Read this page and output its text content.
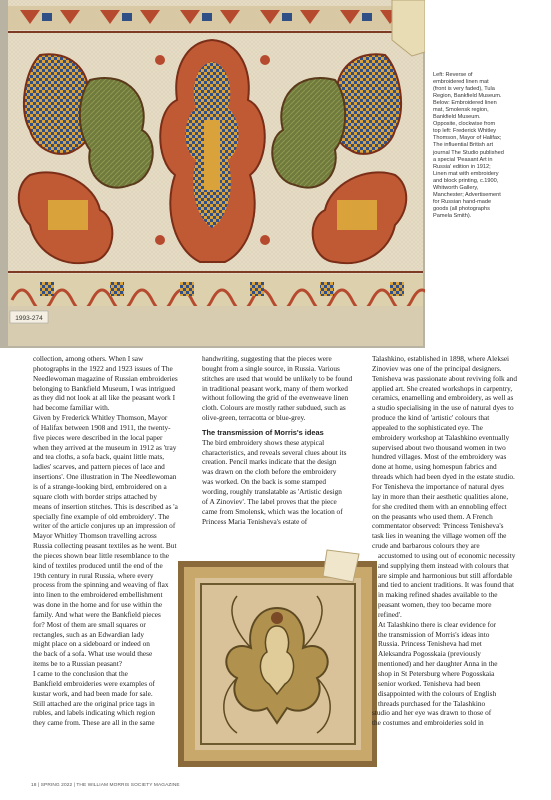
1993-274
Left: Reverse of
embroidered linen mat
(front is very faded), Tula
Region, Bankfield Museum.
Below: Embroidered linen
mat, Smolensk region,
Bankfield Museum.
Opposite, clockwise from
top left: Frederick Whitley
Thomson, Mayor of Halifax;
The influential British art
journal The Studio published
a special 'Peasant Art in
Russia' edition in 1912;
Linen mat with embroidery
and block printing, c.1900,
Whitworth Gallery,
Manchester; Advertisement
for Russian hand-made
goods (all photographs
Pamela Smith).
collection, among others. When I saw
photographs in the 1922 and 1923 issues of The
Needlewoman magazine of Russian embroideries
belonging to Bankfield Museum, I was intrigued
as they did not look at all like the peasant work I
had become familiar with.
Given by Frederick Whitley Thomson, Mayor
of Halifax between 1908 and 1911, the twenty-
five pieces were described in the local paper
when they arrived at the museum in 1912 as 'tray
and tea cloths, a sofa back, quaint little mats,
ladies' scarves, and pattern pieces of lace and
insertions'. One illustration in The Needlewoman
is of a strange-looking bird, embroidered on a
square cloth with border strips attached by
means of insertion stitches. This is described as 'a
specially fine example of old embroidery'. The
writer of the article conjures up an impression of
Mayor Whitley Thomson travelling across
Russia collecting peasant textiles as he went. But
the pieces shown bear little resemblance to the
kind of textiles produced until the end of the
19th century in rural Russia, where every
process from the spinning and weaving of flax
into linen to the embroidered embellishment
was done in the home and for use within the
family. And what were the Bankfield pieces
for? Most of them are small squares or
rectangles, such as an Edwardian lady
might place on a sideboard or indeed on
the back of a sofa. What use would these
items be to a Russian peasant?
I came to the conclusion that the
Bankfield embroideries were examples of
kustar work, and had been made for sale.
Still attached are the original price tags in
rubles, and labels indicating which region
they came from. These are all in the same
handwriting, suggesting that the pieces were
bought from a single source, in Russia. Various
stitches are used that would be unlikely to be found
in traditional peasant work, many of them worked
without following the grid of the evenweave linen
cloth. Colours are mostly rather subdued, such as
olive-green, terracotta or blue-grey.
The transmission of Morris's ideas
The bird embroidery shows these atypical
characteristics, and reveals several clues about its
creation. Pencil marks indicate that the design
was drawn on the cloth before the embroidery
was worked. On the back is some stamped
wording, roughly translatable as 'Artistic design
of A Zinoviev'. The label proves that the piece
came from Smolensk, which was the location of
Princess Maria Tenisheva's estate of
Talashkino, established in 1898, where Aleksei
Zinoviev was one of the principal designers.
Tenisheva was passionate about reviving folk and
applied art. She created workshops in carpentry,
ceramics, enamelling and embroidery, as well as
a studio specialising in the use of natural dyes to
produce the kind of 'artistic' colours that
appealed to the sophisticated eye. The
embroidery workshop at Talashkino eventually
supervised about two thousand women in two
hundred villages. Most of the embroidery was
done at home, using homespun fabrics and
threads which had been dyed in the estate studio.
For Tenisheva the importance of natural dyes
lay in more than their aesthetic qualities alone,
for she credited them with an ennobling effect
on the peasants who used them. A French
commentator observed: 'Princess Tenisheva's
task lies in weaning the village women off the
crude and barbarous colours they are
accustomed to using out of economic necessity
and supplying them instead with colours that
are simple and harmonious but still affordable
and tied to ancient traditions. It was found that
in making refined shades available to the
peasant women, they too became more
refined'.
At Talashkino there is clear evidence for
the transmission of Morris's ideas into
Russia. Princess Tenisheva had met
Aleksandra Pogosskaia (previously
mentioned) and her daughter Anna in the
shop in St Petersburg where Pogosskaia
senior worked. Tenisheva had been
disappointed with the colours of English
threads purchased for the Talashkino
studio and her eye was drawn to those of
the costumes and embroideries sold in
18 | SPRING 2022 | THE WILLIAM MORRIS SOCIETY MAGAZINE
